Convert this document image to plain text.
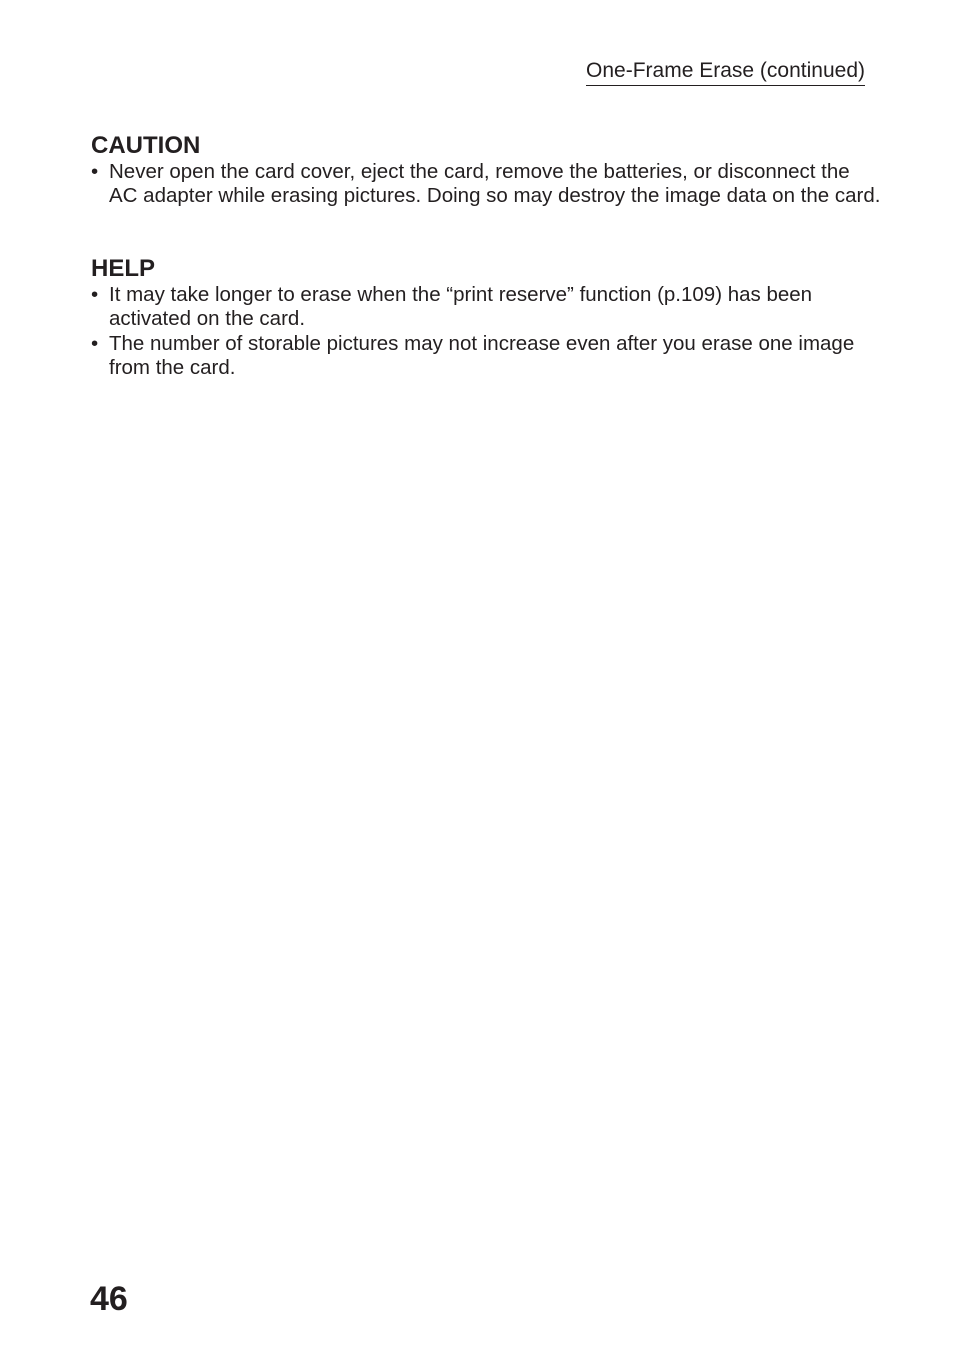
One-Frame Erase (continued)
CAUTION
• Never open the card cover, eject the card, remove the batteries, or disconnect the AC adapter while erasing pictures. Doing so may destroy the image data on the card.
HELP
• It may take longer to erase when the “print reserve” function (p.109) has been activated on the card.
• The number of storable pictures may not increase even after you erase one image from the card.
46
